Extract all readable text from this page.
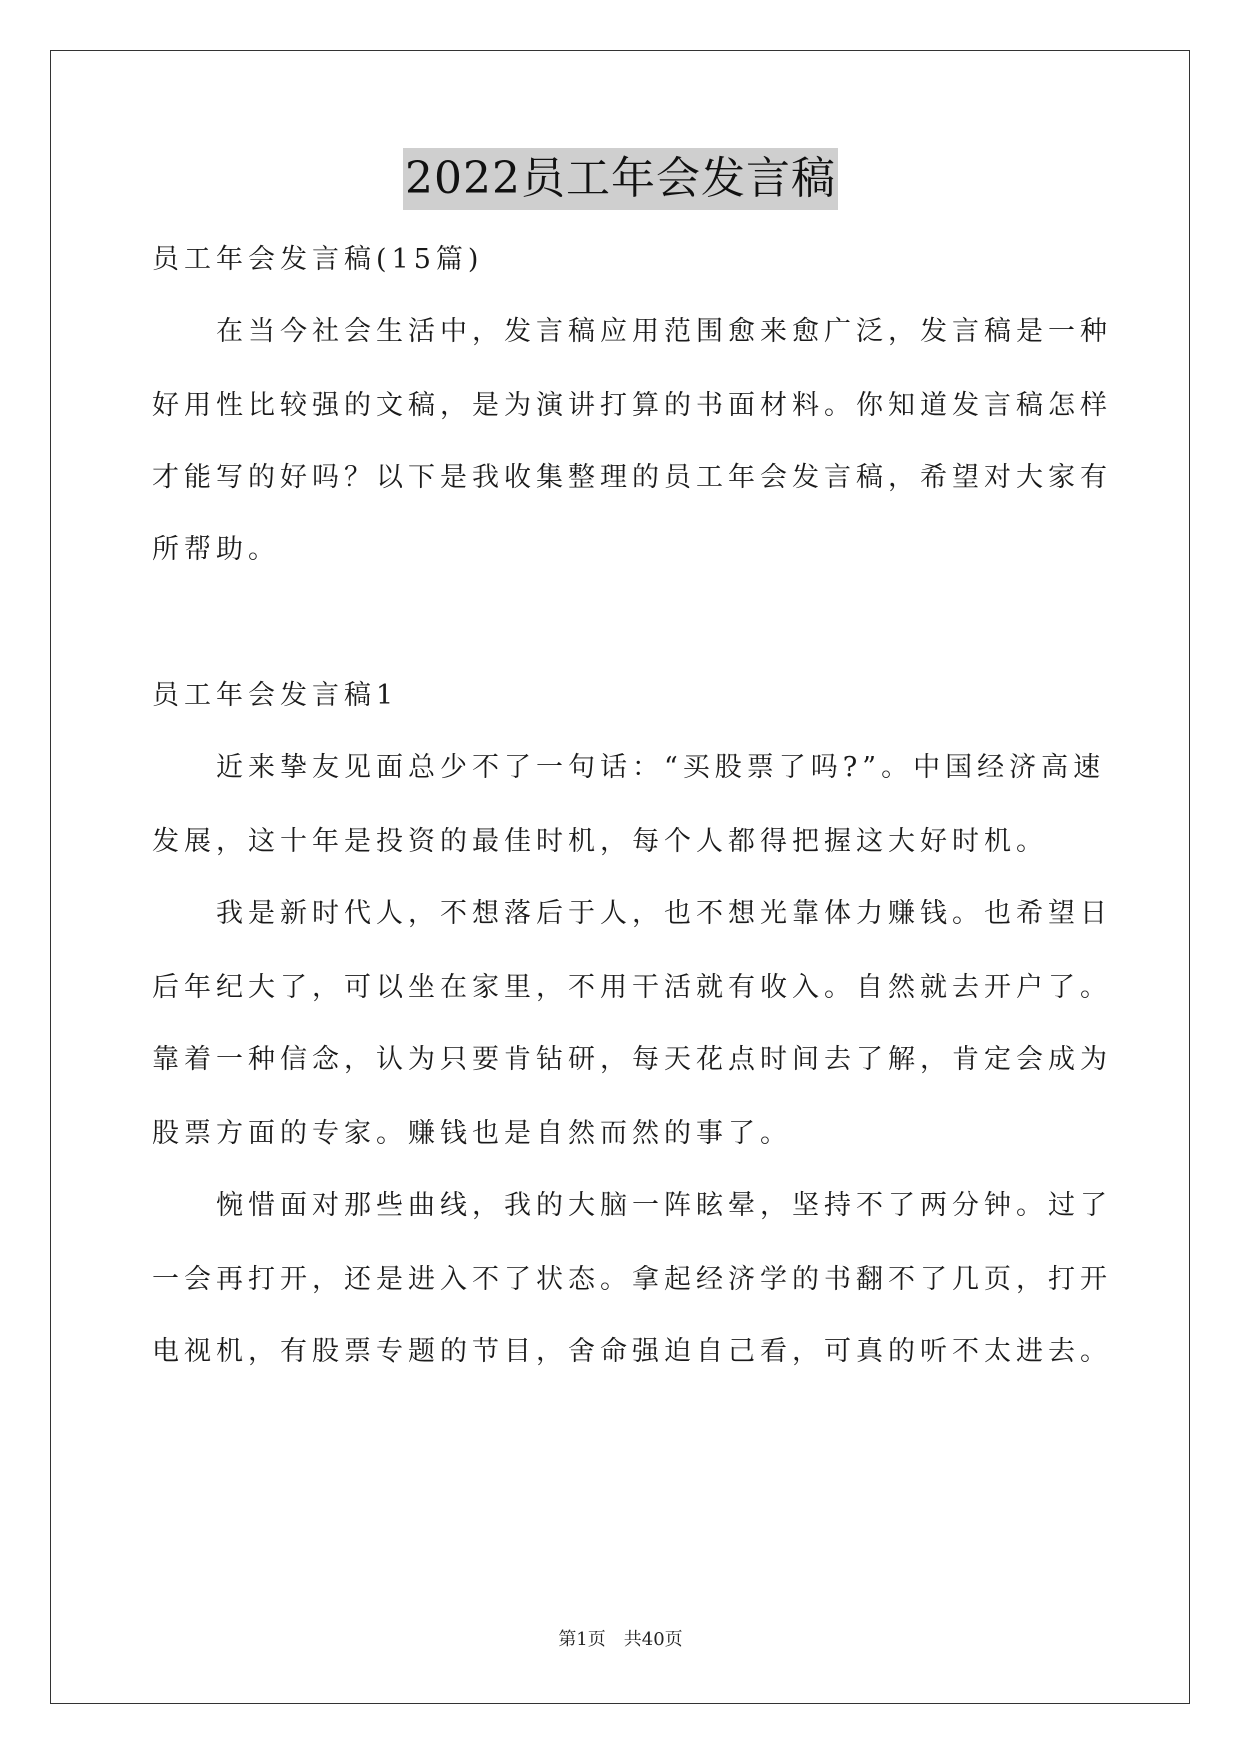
2022员工年会发言稿
员工年会发言稿(15篇)
在当今社会生活中，发言稿应用范围愈来愈广泛，发言稿是一种
好用性比较强的文稿，是为演讲打算的书面材料。你知道发言稿怎样
才能写的好吗？以下是我收集整理的员工年会发言稿，希望对大家有
所帮助。
员工年会发言稿1
近来挚友见面总少不了一句话：“买股票了吗?”。中国经济高速
发展，这十年是投资的最佳时机，每个人都得把握这大好时机。
我是新时代人，不想落后于人，也不想光靠体力赚钱。也希望日
后年纪大了，可以坐在家里，不用干活就有收入。自然就去开户了。
靠着一种信念，认为只要肯钻研，每天花点时间去了解，肯定会成为
股票方面的专家。赚钱也是自然而然的事了。
惋惜面对那些曲线，我的大脑一阵眩晕，坚持不了两分钟。过了
一会再打开，还是进入不了状态。拿起经济学的书翻不了几页，打开
电视机，有股票专题的节目，舍命强迫自己看，可真的听不太进去。
第1页　共40页
